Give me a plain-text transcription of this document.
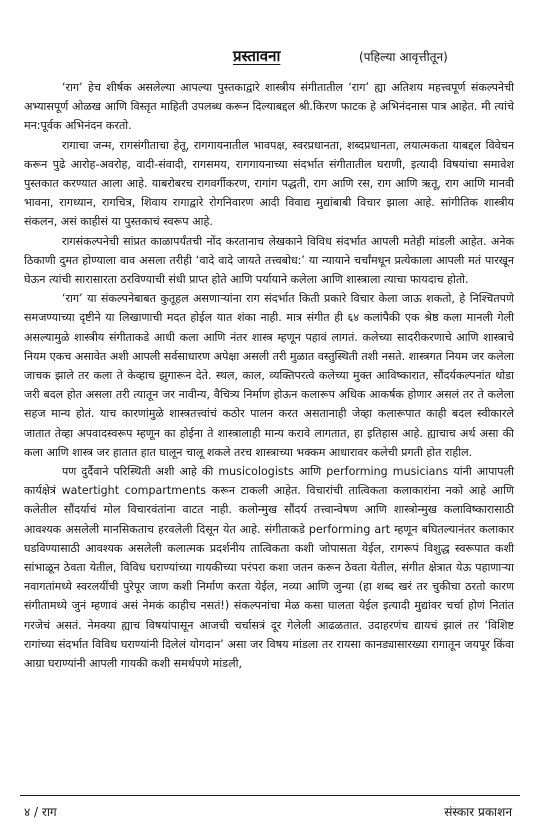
प्रस्तावना	(पहिल्या आवृत्तीतून)

‘राग’ हेच शीर्षक असलेल्या आपल्या पुस्तकाद्वारे शास्त्रीय संगीतातील ‘राग’ ह्या अतिशय महत्त्वपूर्ण संकल्पनेची अभ्यासपूर्ण ओळख आणि विस्तृत माहिती उपलब्ध करून दिल्याबद्दल श्री.किरण फाटक हे अभिनंदनास पात्र आहेत. मी त्यांचे मन:पूर्वक अभिनंदन करतो.

रागाचा जन्म, रागसंगीताचा हेतू, रागगायनातील भावपक्ष, स्वरप्रधानता, शब्दप्रधानता, लयात्मकता याबद्दल विवेचन करून पुढे आरोह-अवरोह, वादी-संवादी, रागसमय, रागगायनाच्या संदर्भात संगीतातील घराणी, इत्यादी विषयांचा समावेश पुस्तकात करण्यात आला आहे. याबरोबरच रागवर्गीकरण, रागांग पद्धती, राग आणि रस, राग आणि ऋतू, राग आणि मानवी भावना, रागध्यान, रागचित्र, शिवाय रागाद्वारे रोगनिवारण आदी विवाद्य मुद्यांबाबी विचार झाला आहे. सांगीतिक शास्त्रीय संकलन, असं काहीसं या पुस्तकाचं स्वरूप आहे.

रागसंकल्पनेची सांप्रत काळापर्यंतची नोंद करतानाच लेखकाने विविध संदर्भात आपली मतेही मांडली आहेत. अनेक ठिकाणी दुमत होण्याला वाव असला तरीही ‘वादे वादे जायते तत्त्वबोध:’ या न्यायाने चर्चांमधून प्रत्येकाला आपली मतं पारखून घेऊन त्यांची सारासारता ठरविण्याची संधी प्राप्त होते आणि पर्यायाने कलेला आणि शास्त्राला त्याचा फायदाच होतो.

‘राग’ या संकल्पनेबाबत कुतूहल असणाऱ्यांना राग संदर्भात किती प्रकारे विचार केला जाऊ शकतो, हे निश्चितपणे समजण्याच्या दृष्टीने या लिखाणाची मदत होईल यात शंका नाही. मात्र संगीत ही ६४ कलांपैकी एक श्रेष्ठ कला मानली गेली असल्यामुळे शास्त्रीय संगीताकडे आधी कला आणि नंतर शास्त्र म्हणून पहावं लागतं. कलेच्या सादरीकरणाचे आणि शास्त्राचे नियम एकच असावेत अशी आपली सर्वसाधारण अपेक्षा असली तरी मुळात वस्तुस्थिती तशी नसते. शास्त्रगत नियम जर कलेला जाचक झाले तर कला ते केव्हाच झुगारून देते. स्थल, काल, व्यक्तिपरत्वे कलेच्या मुक्त आविष्कारात, सौंदर्यकल्पनांत थोडा जरी बदल होत असला तरी त्यातून जर नावीन्य, वैचित्र्य निर्माण होऊन कलारूप अधिक आकर्षक होणार असलं तर ते कलेला सहज मान्य होतं. याच कारणांमुळे शास्त्रतत्त्वांचं कठोर पालन करत असतानाही जेव्हा कलारूपात काही बदल स्वीकारले जातात तेव्हा अपवादस्वरूप म्हणून का होईना ते शास्त्रालाही मान्य करावे लागतात, हा इतिहास आहे. ह्याचाच अर्थ असा की कला आणि शास्त्र जर हातात हात घालून चालू शकले तरच शास्त्राच्या भक्कम आधारावर कलेची प्रगती होत राहील.

पण दुर्दैवाने परिस्थिती अशी आहे की musicologists आणि performing musicians यांनी आपापली कार्यक्षेत्रं watertight compartments करून टाकली आहेत. विचारांची तात्विकता कलाकारांना नको आहे आणि कलेतील सौंदर्याचं मोल विचारवंतांना वाटत नाही. कलोन्मुख सौंदर्य तत्त्वान्वेषण आणि शास्त्रोन्मुख कलाविष्कारासाठी आवश्यक असलेली मानसिकताच हरवलेली दिसून येत आहे. संगीताकडे performing art म्हणून बघितल्यानंतर कलाकार घडविण्यासाठी आवश्यक असलेली कलात्मक प्रदर्शनीय तात्विकता कशी जोपासता येईल, रागरूपं विशुद्ध स्वरूपात कशी सांभाळून ठेवता येतील, विविध घराण्यांच्या गायकीच्या परंपरा कशा जतन करून ठेवता येतील, संगीत क्षेत्रात येऊ पहाणाऱ्या नवागतांमध्ये स्वरलयींची पुरेपूर जाण कशी निर्माण करता येईल, नव्या आणि जुन्या (हा शब्द खरं तर चुकीचा ठरतो कारण संगीतामध्ये जुनं म्हणावं असं नेमकं काहीच नसतं!) संकल्पनांचा मेळ कसा घालता येईल इत्यादी मुद्यांवर चर्चा होणं नितांत गरजेचं असतं. नेमक्या ह्याच विषयांपासून आजची चर्चासत्रं दूर गेलेली आढळतात. उदाहरणंच द्यायचं झालं तर ‘विशिष्ट रागांच्या संदर्भात विविध घराण्यांनी दिलेलं योगदान’ असा जर विषय मांडला तर रायसा कानड्यासारख्या रागातून जयपूर किंवा आग्रा घराण्यांनी आपली गायकी कशी समर्थपणे मांडली,

४ / राग	संस्कार प्रकाशन
